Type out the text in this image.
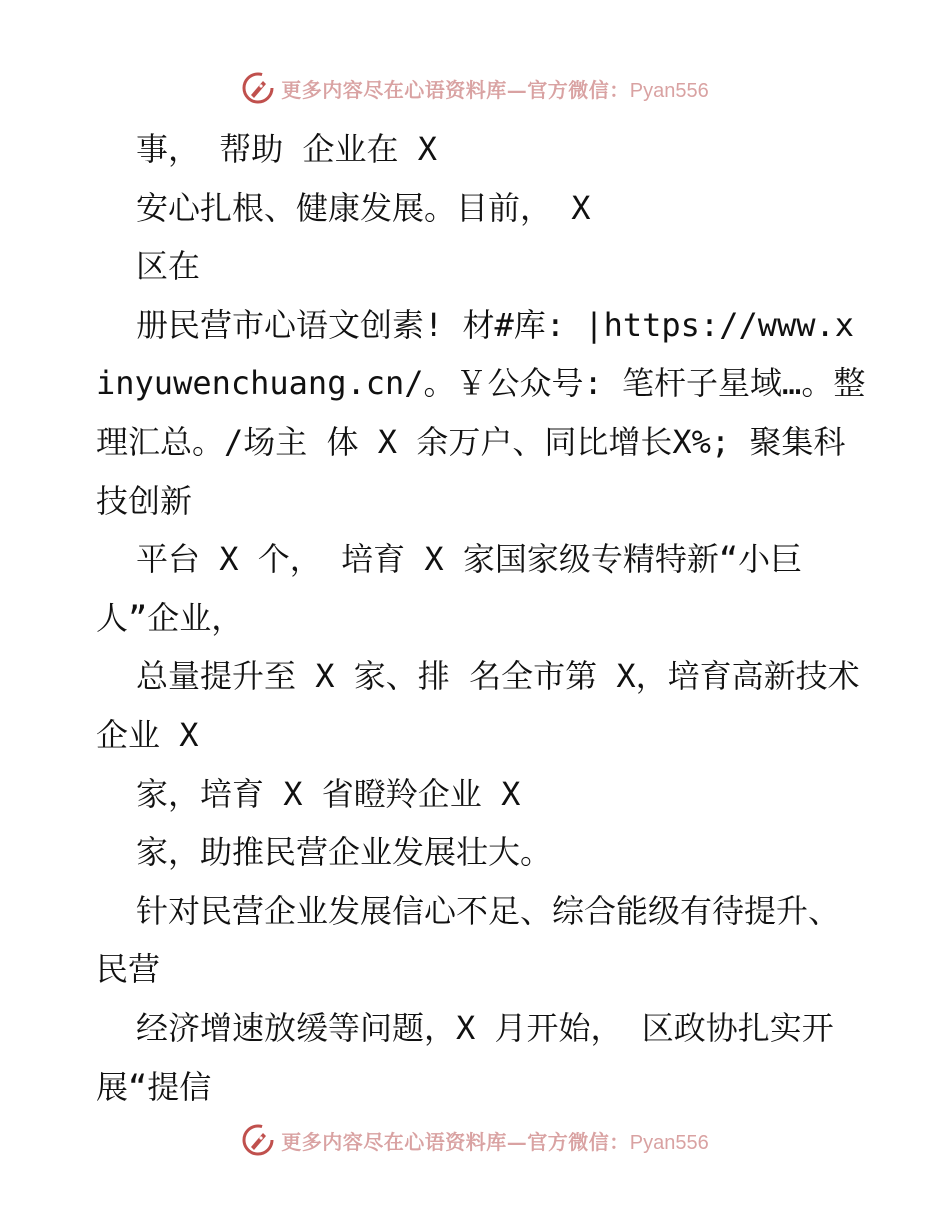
更多内容尽在心语资料库—官方微信：Pyan556

事， 帮助 企业在 X

安心扎根、健康发展。目前， X

区在

册民营市心语文创素! 材#库: |https://www.xinyuwenchuang.cn/。￥公众号: 笔杆子星域…。整理汇总。/场主 体 X 余万户、同比增长X%; 聚集科技创新

平台 X 个， 培育 X 家国家级专精特新“小巨人”企业，

总量提升至 X 家、排 名全市第 X，培育高新技术企业 X

家，培育 X 省瞪羚企业 X

家，助推民营企业发展壮大。

针对民营企业发展信心不足、综合能级有待提升、民营

经济增速放缓等问题，X 月开始， 区政协扎实开展“提信

更多内容尽在心语资料库—官方微信：Pyan556
